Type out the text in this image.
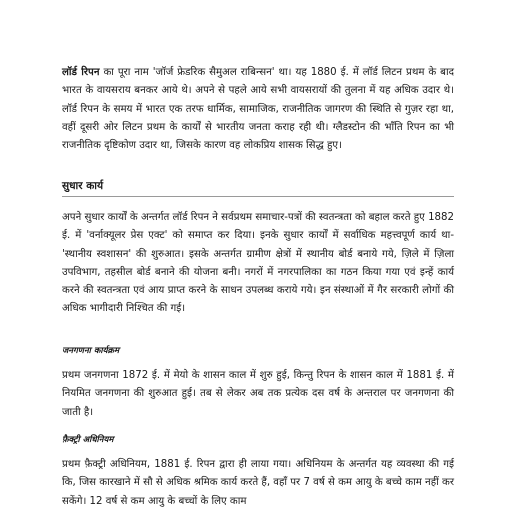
लॉर्ड रिपन का पूरा नाम 'जॉर्ज फ्रेडरिक सैमुअल राबिन्सन' था। यह 1880 ई. में लॉर्ड लिटन प्रथम के बाद भारत के वायसराय बनकर आये थे। अपने से पहले आये सभी वायसरायों की तुलना में यह अधिक उदार थे। लॉर्ड रिपन के समय में भारत एक तरफ धार्मिक, सामाजिक, राजनीतिक जागरण की स्थिति से गुज़र रहा था, वहीं दूसरी ओर लिटन प्रथम के कार्यों से भारतीय जनता कराह रही थी। ग्लैडस्टोन की भाँति रिपन का भी राजनीतिक दृष्टिकोण उदार था, जिसके कारण वह लोकप्रिय शासक सिद्ध हुए।

सुधार कार्य

अपने सुधार कार्यों के अन्तर्गत लॉर्ड रिपन ने सर्वप्रथम समाचार-पत्रों की स्वतन्त्रता को बहाल करते हुए 1882 ई. में 'वर्नाक्यूलर प्रेस एक्ट' को समाप्त कर दिया। इनके सुधार कार्यों में सर्वाधिक महत्त्वपूर्ण कार्य था- 'स्थानीय स्वशासन' की शुरुआत। इसके अन्तर्गत ग्रामीण क्षेत्रों में स्थानीय बोर्ड बनाये गये, ज़िले में ज़िला उपविभाग, तहसील बोर्ड बनाने की योजना बनी। नगरों में नगरपालिका का गठन किया गया एवं इन्हें कार्य करने की स्वतन्त्रता एवं आय प्राप्त करने के साधन उपलब्ध कराये गये। इन संस्थाओं में गैर सरकारी लोगों की अधिक भागीदारी निश्चित की गई।

जनगणना कार्यक्रम

प्रथम जनगणना 1872 ई. में मेयो के शासन काल में शुरु हुई, किन्तु रिपन के शासन काल में 1881 ई. में नियमित जनगणना की शुरुआत हुई। तब से लेकर अब तक प्रत्येक दस वर्ष के अन्तराल पर जनगणना की जाती है।

फ़ैक्ट्री अधिनियम

प्रथम फ़ैक्ट्री अधिनियम, 1881 ई. रिपन द्वारा ही लाया गया। अधिनियम के अन्तर्गत यह व्यवस्था की गई कि, जिस कारखाने में सौ से अधिक श्रमिक कार्य करते हैं, वहाँ पर 7 वर्ष से कम आयु के बच्चे काम नहीं कर सकेंगे। 12 वर्ष से कम आयु के बच्चों के लिए काम
